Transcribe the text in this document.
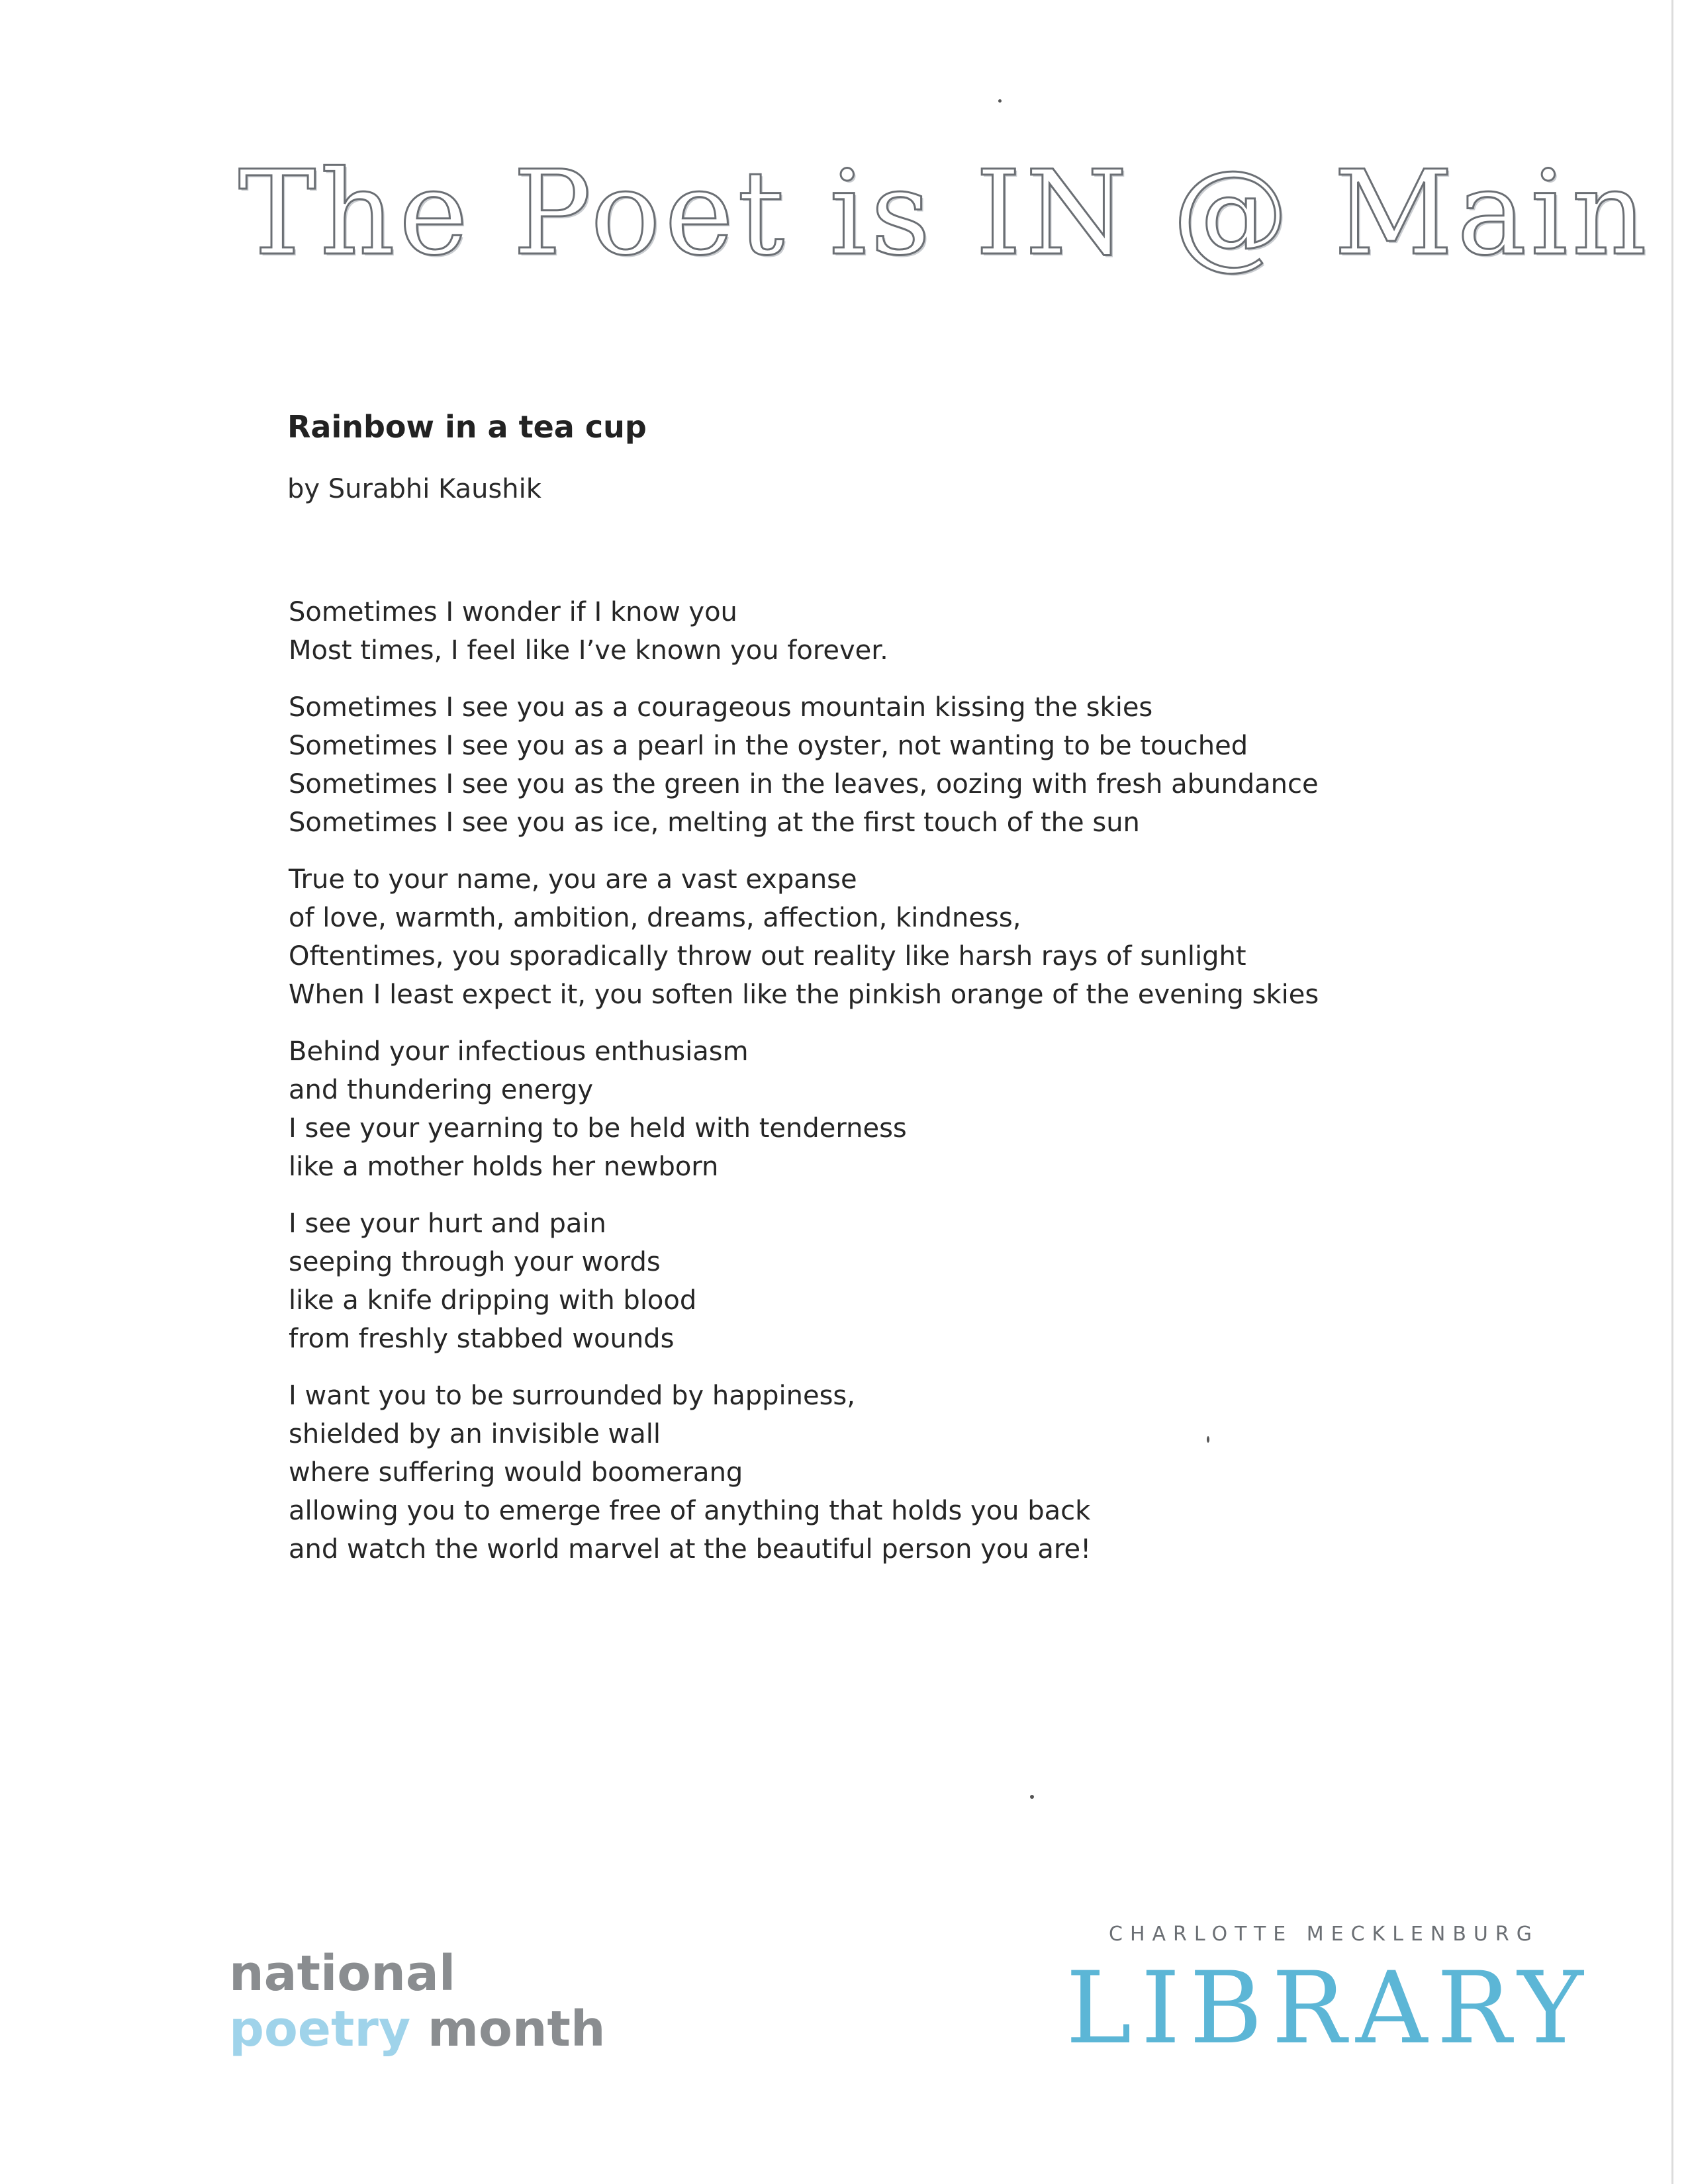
The Poet is IN @ Main
Rainbow in a tea cup
by Surabhi Kaushik
Sometimes I wonder if I know you
Most times, I feel like I’ve known you forever.
Sometimes I see you as a courageous mountain kissing the skies
Sometimes I see you as a pearl in the oyster, not wanting to be touched
Sometimes I see you as the green in the leaves, oozing with fresh abundance
Sometimes I see you as ice, melting at the first touch of the sun
True to your name, you are a vast expanse
of love, warmth, ambition, dreams, affection, kindness,
Oftentimes, you sporadically throw out reality like harsh rays of sunlight
When I least expect it, you soften like the pinkish orange of the evening skies
Behind your infectious enthusiasm
and thundering energy
I see your yearning to be held with tenderness
like a mother holds her newborn
I see your hurt and pain
seeping through your words
like a knife dripping with blood
from freshly stabbed wounds
I want you to be surrounded by happiness,
shielded by an invisible wall
where suffering would boomerang
allowing you to emerge free of anything that holds you back
and watch the world marvel at the beautiful person you are!
national
poetry month
CHARLOTTE MECKLENBURG
LIBRARY
